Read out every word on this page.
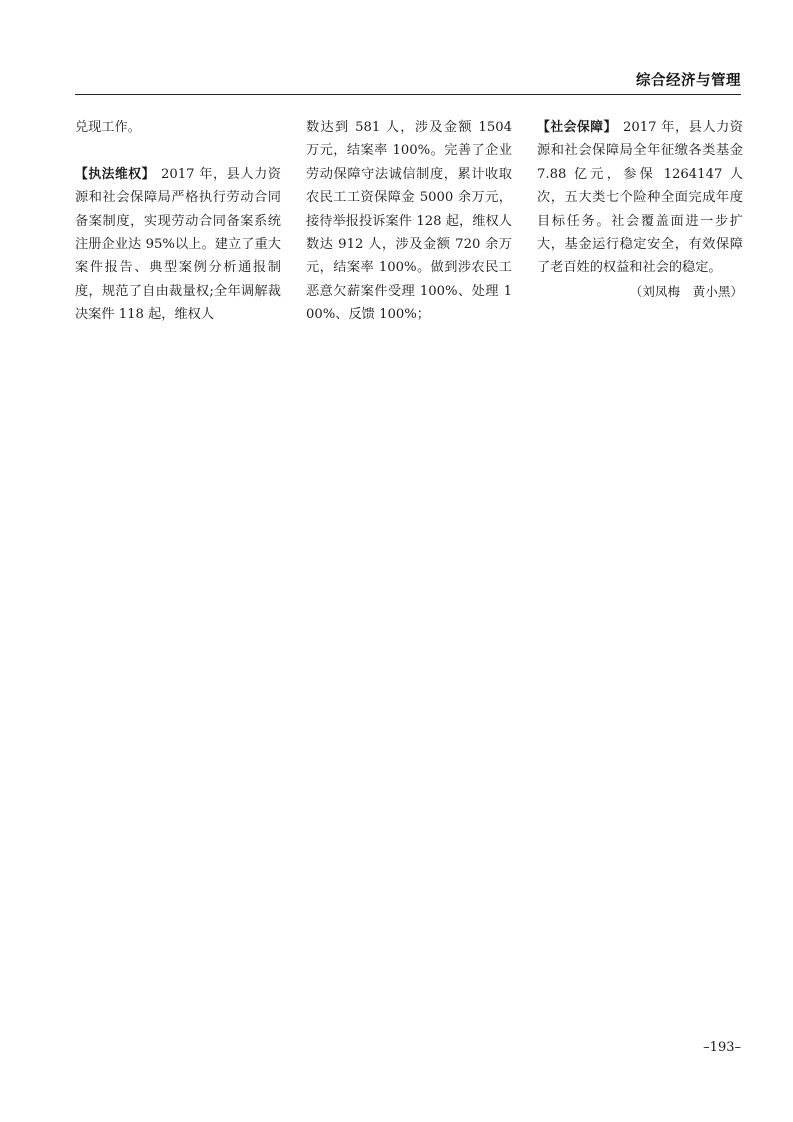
综合经济与管理

兑现工作。

【执法维权】 2017 年，县人力资源和社会保障局严格执行劳动合同备案制度，实现劳动合同备案系统注册企业达 95%以上。建立了重大案件报告、典型案例分析通报制度，规范了自由裁量权;全年调解裁决案件 118 起，维权人

数达到 581 人，涉及金额 1504 万元，结案率 100%。完善了企业劳动保障守法诚信制度，累计收取农民工工资保障金 5000 余万元，接待举报投诉案件 128 起，维权人数达 912 人，涉及金额 720 余万元，结案率 100%。做到涉农民工恶意欠薪案件受理 100%、处理 100%、反馈 100%；

【社会保障】 2017 年，县人力资源和社会保障局全年征缴各类基金 7.88 亿元，参保 1264147 人次，五大类七个险种全面完成年度目标任务。社会覆盖面进一步扩大，基金运行稳定安全，有效保障了老百姓的权益和社会的稳定。

（刘凤梅　黄小黑）

–193–
